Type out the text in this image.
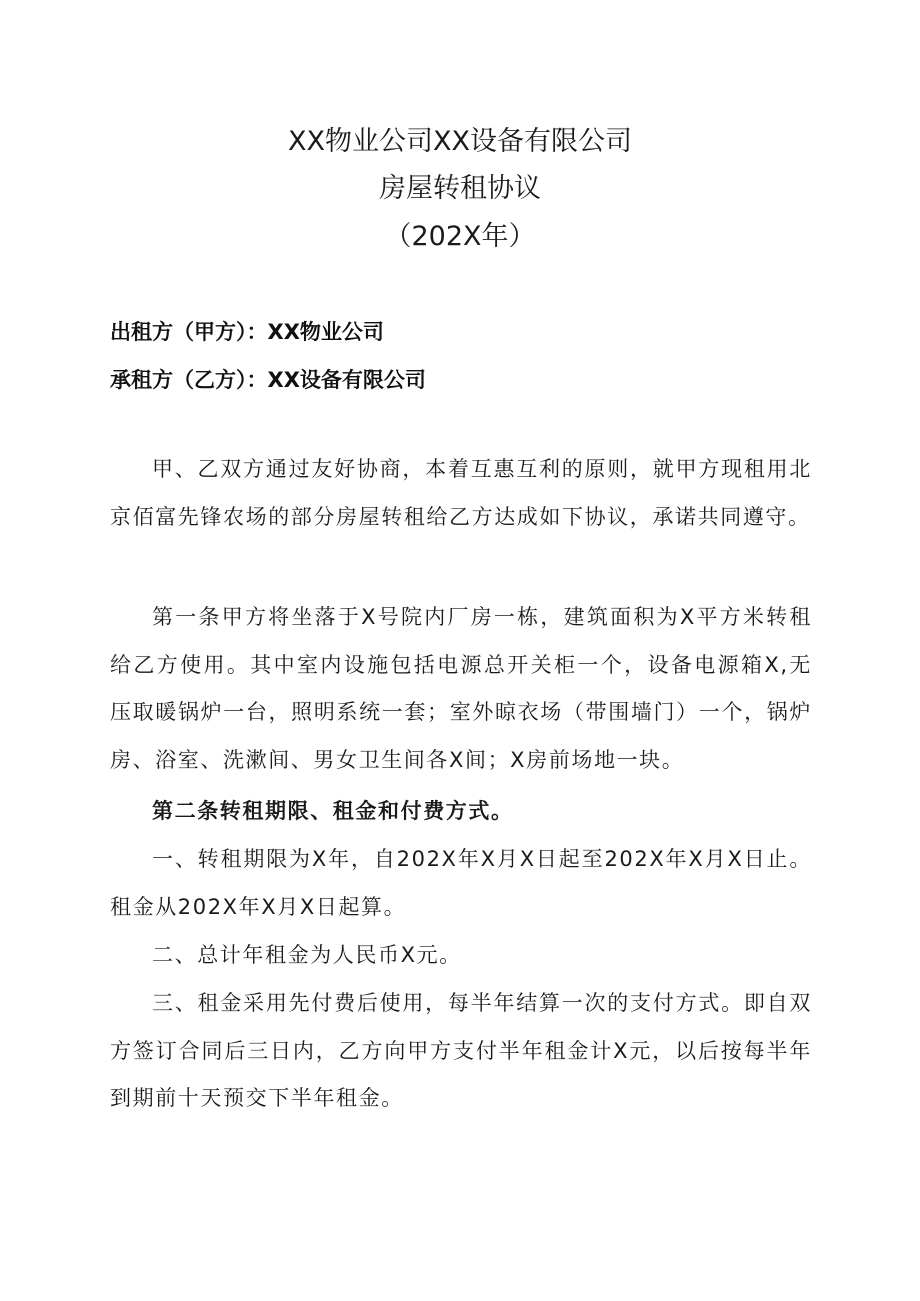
XX物业公司XX设备有限公司
房屋转租协议
（202X年）
出租方（甲方）：XX物业公司
承租方（乙方）：XX设备有限公司

甲、乙双方通过友好协商，本着互惠互利的原则，就甲方现租用北京佰富先锋农场的部分房屋转租给乙方达成如下协议，承诺共同遵守。

第一条甲方将坐落于X号院内厂房一栋，建筑面积为X平方米转租给乙方使用。其中室内设施包括电源总开关柜一个，设备电源箱X,无压取暖锅炉一台，照明系统一套；室外晾衣场（带围墙门）一个，锅炉房、浴室、洗漱间、男女卫生间各X间；X房前场地一块。

第二条转租期限、租金和付费方式。

一、转租期限为X年，自202X年X月X日起至202X年X月X日止。租金从202X年X月X日起算。

二、总计年租金为人民币X元。

三、租金采用先付费后使用，每半年结算一次的支付方式。即自双方签订合同后三日内，乙方向甲方支付半年租金计X元，以后按每半年到期前十天预交下半年租金。
